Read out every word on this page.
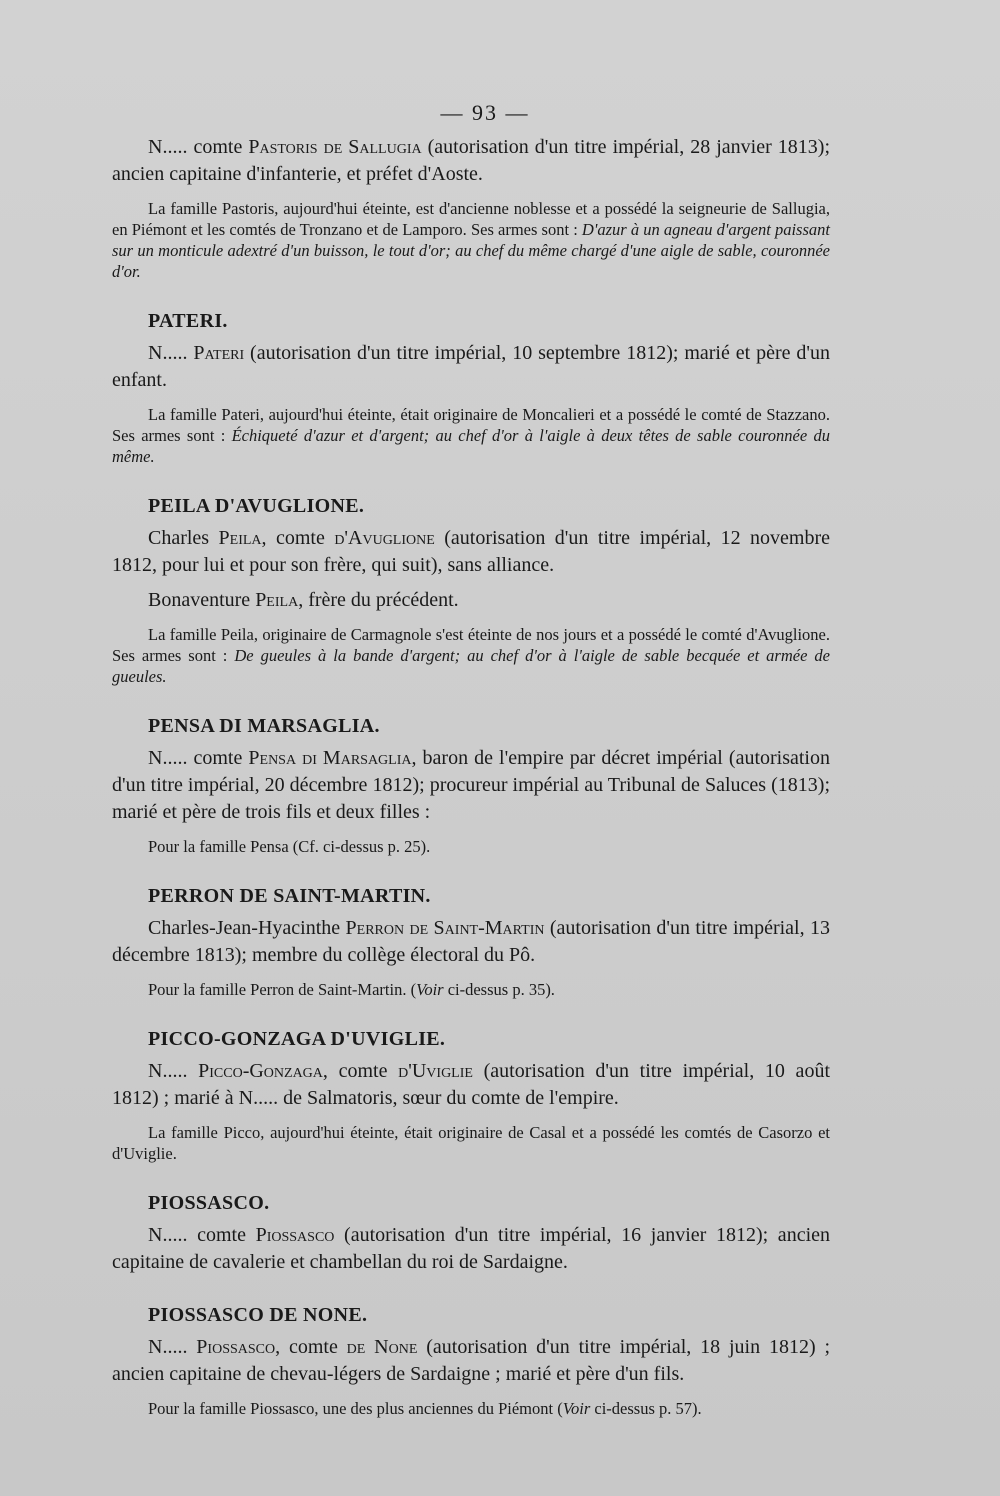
— 93 —

N..... comte Pastoris de Sallugia (autorisation d'un titre impérial, 28 janvier 1813); ancien capitaine d'infanterie, et préfet d'Aoste.

La famille Pastoris, aujourd'hui éteinte, est d'ancienne noblesse et a possédé la seigneurie de Sallugia, en Piémont et les comtés de Tronzano et de Lamporo. Ses armes sont : D'azur à un agneau d'argent paissant sur un monticule adextré d'un buisson, le tout d'or; au chef du même chargé d'une aigle de sable, couronnée d'or.

PATERI.

N..... Pateri (autorisation d'un titre impérial, 10 septembre 1812); marié et père d'un enfant.

La famille Pateri, aujourd'hui éteinte, était originaire de Moncalieri et a possédé le comté de Stazzano. Ses armes sont : Échiqueté d'azur et d'argent; au chef d'or à l'aigle à deux têtes de sable couronnée du même.

PEILA D'AVUGLIONE.

Charles Peila, comte d'Avuglione (autorisation d'un titre impérial, 12 novembre 1812, pour lui et pour son frère, qui suit), sans alliance.

Bonaventure Peila, frère du précédent.

La famille Peila, originaire de Carmagnole s'est éteinte de nos jours et a possédé le comté d'Avuglione. Ses armes sont : De gueules à la bande d'argent; au chef d'or à l'aigle de sable becquée et armée de gueules.

PENSA DI MARSAGLIA.

N..... comte Pensa di Marsaglia, baron de l'empire par décret impérial (autorisation d'un titre impérial, 20 décembre 1812); procureur impérial au Tribunal de Saluces (1813); marié et père de trois fils et deux filles :

Pour la famille Pensa (Cf. ci-dessus p. 25).

PERRON DE SAINT-MARTIN.

Charles-Jean-Hyacinthe Perron de Saint-Martin (autorisation d'un titre impérial, 13 décembre 1813); membre du collège électoral du Pô.

Pour la famille Perron de Saint-Martin. (Voir ci-dessus p. 35).

PICCO-GONZAGA D'UVIGLIE.

N..... Picco-Gonzaga, comte d'Uviglie (autorisation d'un titre impérial, 10 août 1812) ; marié à N..... de Salmatoris, sœur du comte de l'empire.

La famille Picco, aujourd'hui éteinte, était originaire de Casal et a possédé les comtés de Casorzo et d'Uviglie.

PIOSSASCO.

N..... comte Piossasco (autorisation d'un titre impérial, 16 janvier 1812); ancien capitaine de cavalerie et chambellan du roi de Sardaigne.

PIOSSASCO DE NONE.

N..... Piossasco, comte de None (autorisation d'un titre impérial, 18 juin 1812) ; ancien capitaine de chevau-légers de Sardaigne ; marié et père d'un fils.

Pour la famille Piossasco, une des plus anciennes du Piémont (Voir ci-dessus p. 57).
